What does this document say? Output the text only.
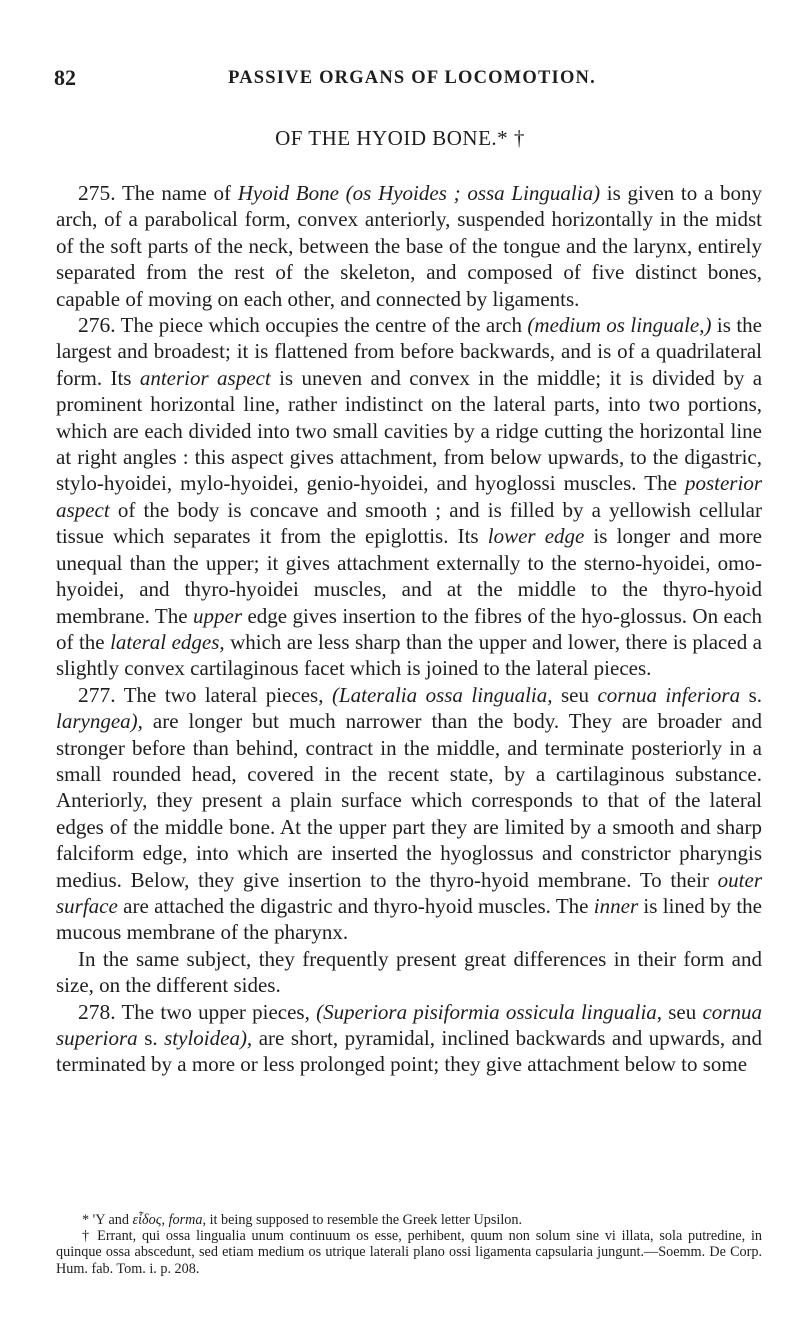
82	PASSIVE ORGANS OF LOCOMOTION.
OF THE HYOID BONE.* †

275. The name of Hyoid Bone (os Hyoides ; ossa Lingualia) is given to a bony arch, of a parabolical form, convex anteriorly, suspended horizontally in the midst of the soft parts of the neck, between the base of the tongue and the larynx, entirely separated from the rest of the skeleton, and composed of five distinct bones, capable of moving on each other, and connected by ligaments.

276. The piece which occupies the centre of the arch (medium os linguale,) is the largest and broadest; it is flattened from before backwards, and is of a quadrilateral form. Its anterior aspect is uneven and convex in the middle; it is divided by a prominent horizontal line, rather indistinct on the lateral parts, into two portions, which are each divided into two small cavities by a ridge cutting the horizontal line at right angles : this aspect gives attachment, from below upwards, to the digastric, stylo-hyoidei, mylo-hyoidei, genio-hyoidei, and hyoglossi muscles. The posterior aspect of the body is concave and smooth ; and is filled by a yellowish cellular tissue which separates it from the epiglottis. Its lower edge is longer and more unequal than the upper; it gives attachment externally to the sterno-hyoidei, omo-hyoidei, and thyro-hyoidei muscles, and at the middle to the thyro-hyoid membrane. The upper edge gives insertion to the fibres of the hyo-glossus. On each of the lateral edges, which are less sharp than the upper and lower, there is placed a slightly convex cartilaginous facet which is joined to the lateral pieces.

277. The two lateral pieces, (Lateralia ossa lingualia, seu cornua inferiora s. laryngea), are longer but much narrower than the body. They are broader and stronger before than behind, contract in the middle, and terminate posteriorly in a small rounded head, covered in the recent state, by a cartilaginous substance. Anteriorly, they present a plain surface which corresponds to that of the lateral edges of the middle bone. At the upper part they are limited by a smooth and sharp falciform edge, into which are inserted the hyoglossus and constrictor pharyngis medius. Below, they give insertion to the thyro-hyoid membrane. To their outer surface are attached the digastric and thyro-hyoid muscles. The inner is lined by the mucous membrane of the pharynx.

In the same subject, they frequently present great differences in their form and size, on the different sides.

278. The two upper pieces, (Superiora pisiformia ossicula lingualia, seu cornua superiora s. styloidea), are short, pyramidal, inclined backwards and upwards, and terminated by a more or less prolonged point; they give attachment below to some

* 'Υ and εἶδος, forma, it being supposed to resemble the Greek letter Upsilon.

† Errant, qui ossa lingualia unum continuum os esse, perhibent, quum non solum sine vi illata, sola putredine, in quinque ossa abscedunt, sed etiam medium os utrique laterali plano ossi ligamenta capsularia jungunt.—Soemm. De Corp. Hum. fab. Tom. i. p. 208.
